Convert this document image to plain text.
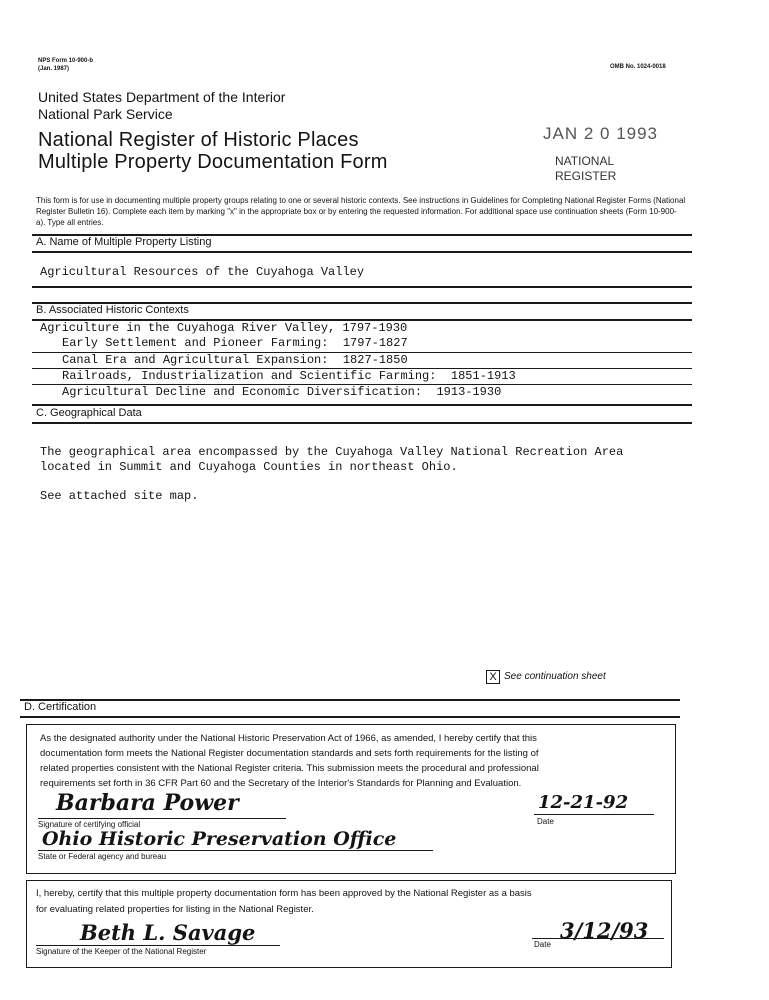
NPS Form 10-900-b
(Jan. 1987)	OMB No. 1024-0018
United States Department of the Interior
National Park Service
National Register of Historic Places
Multiple Property Documentation Form
JAN 2 0 1993
NATIONAL
REGISTER
This form is for use in documenting multiple property groups relating to one or several historic contexts. See instructions in Guidelines for Completing National Register Forms (National Register Bulletin 16). Complete each item by marking "x" in the appropriate box or by entering the requested information. For additional space use continuation sheets (Form 10-900-a). Type all entries.
A. Name of Multiple Property Listing
Agricultural Resources of the Cuyahoga Valley
B. Associated Historic Contexts
Agriculture in the Cuyahoga River Valley, 1797-1930
Early Settlement and Pioneer Farming:  1797-1827
Canal Era and Agricultural Expansion:  1827-1850
Railroads, Industrialization and Scientific Farming:  1851-1913
Agricultural Decline and Economic Diversification:  1913-1930
C. Geographical Data
The geographical area encompassed by the Cuyahoga Valley National Recreation Area
located in Summit and Cuyahoga Counties in northeast Ohio.
See attached site map.
X See continuation sheet
D. Certification
As the designated authority under the National Historic Preservation Act of 1966, as amended, I hereby certify that this
documentation form meets the National Register documentation standards and sets forth requirements for the listing of
related properties consistent with the National Register criteria. This submission meets the procedural and professional
requirements set forth in 36 CFR Part 60 and the Secretary of the Interior's Standards for Planning and Evaluation.
Barbara Power	12-21-92
Signature of certifying official	Date
Ohio Historic Preservation Office
State or Federal agency and bureau
I, hereby, certify that this multiple property documentation form has been approved by the National Register as a basis
for evaluating related properties for listing in the National Register.
Beth L. Savage	3/12/93
Signature of the Keeper of the National Register
Date
